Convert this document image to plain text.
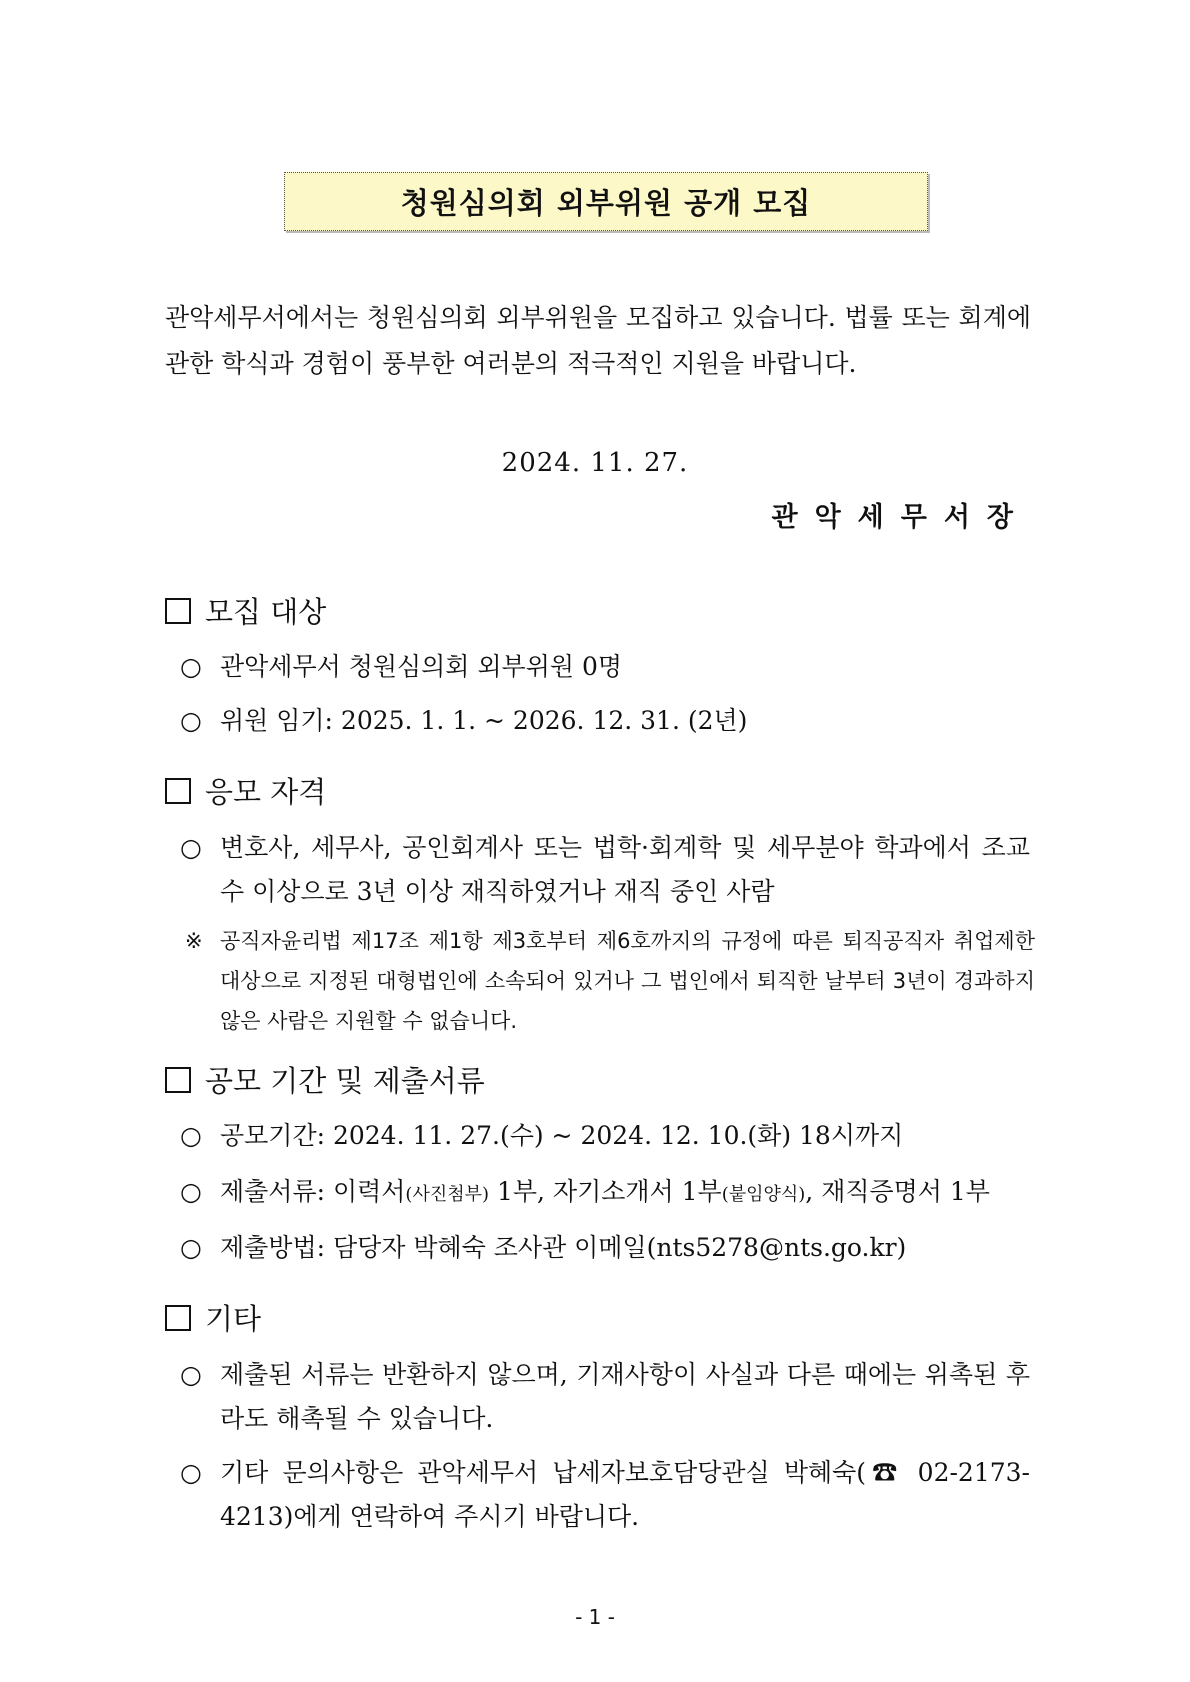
청원심의회 외부위원 공개 모집
관악세무서에서는 청원심의회 외부위원을 모집하고 있습니다. 법률 또는 회계에 관한 학식과 경험이 풍부한 여러분의 적극적인 지원을 바랍니다.
2024. 11. 27.
관악세무서장
모집 대상
○ 관악세무서 청원심의회 외부위원 0명
○ 위원 임기: 2025. 1. 1. ~ 2026. 12. 31. (2년)
응모 자격
○ 변호사, 세무사, 공인회계사 또는 법학·회계학 및 세무분야 학과에서 조교수 이상으로 3년 이상 재직하였거나 재직 중인 사람
※ 공직자윤리법 제17조 제1항 제3호부터 제6호까지의 규정에 따른 퇴직공직자 취업제한 대상으로 지정된 대형법인에 소속되어 있거나 그 법인에서 퇴직한 날부터 3년이 경과하지 않은 사람은 지원할 수 없습니다.
공모 기간 및 제출서류
○ 공모기간: 2024. 11. 27.(수) ~ 2024. 12. 10.(화) 18시까지
○ 제출서류: 이력서(사진첨부) 1부, 자기소개서 1부(붙임양식), 재직증명서 1부
○ 제출방법: 담당자 박혜숙 조사관 이메일(nts5278@nts.go.kr)
기타
○ 제출된 서류는 반환하지 않으며, 기재사항이 사실과 다른 때에는 위촉된 후라도 해촉될 수 있습니다.
○ 기타 문의사항은 관악세무서 납세자보호담당관실 박혜숙(☎ 02-2173-4213)에게 연락하여 주시기 바랍니다.
- 1 -
